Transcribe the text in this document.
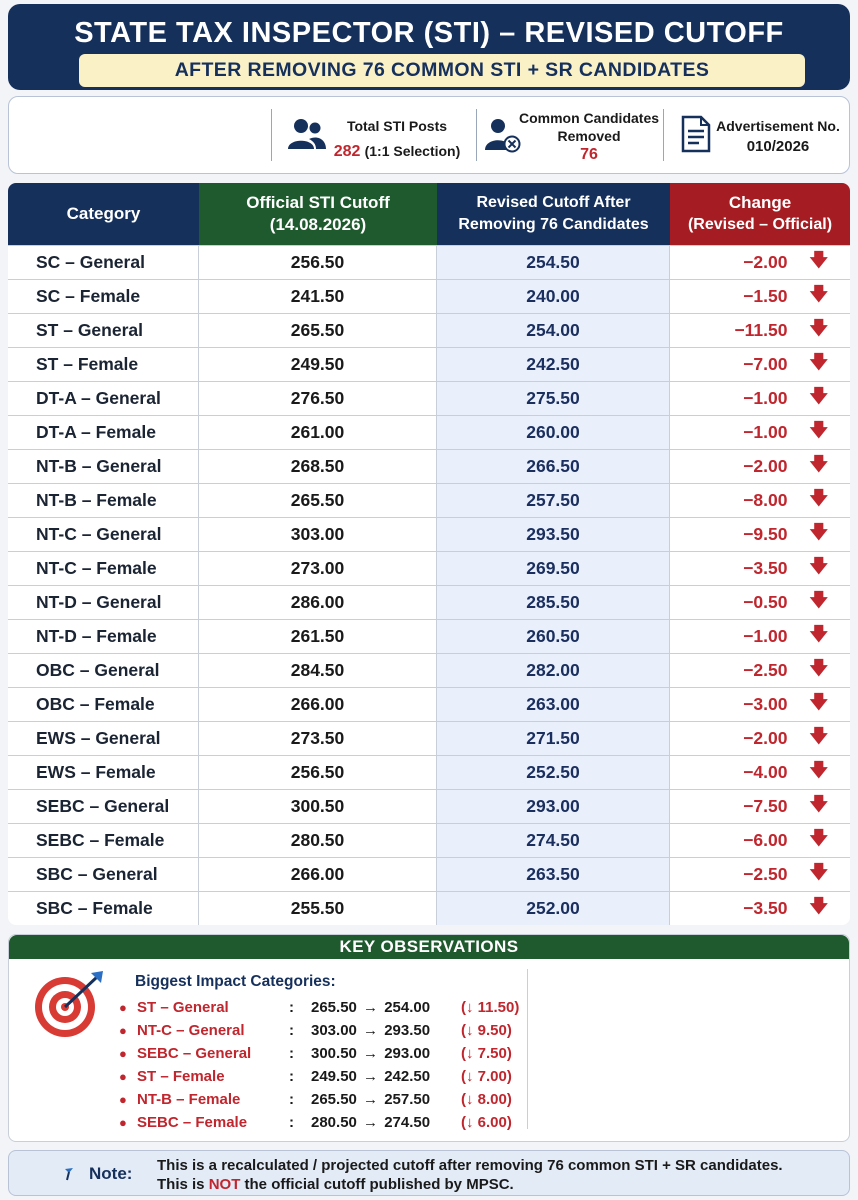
STATE TAX INSPECTOR (STI) – REVISED CUTOFF
AFTER REMOVING 76 COMMON STI + SR CANDIDATES
Total STI Posts
282 (1:1 Selection)
Common Candidates
Removed
76
Advertisement No.
010/2026
Category
Official STI Cutoff
(14.08.2026)
Revised Cutoff After
Removing 76 Candidates
Change
(Revised – Official)
SC – General	256.50	254.50	−2.00 🡇
SC – Female	241.50	240.00	−1.50 🡇
ST – General	265.50	254.00	−11.50 🡇
ST – Female	249.50	242.50	−7.00 🡇
DT-A – General	276.50	275.50	−1.00 🡇
DT-A – Female	261.00	260.00	−1.00 🡇
NT-B – General	268.50	266.50	−2.00 🡇
NT-B – Female	265.50	257.50	−8.00 🡇
NT-C – General	303.00	293.50	−9.50 🡇
NT-C – Female	273.00	269.50	−3.50 🡇
NT-D – General	286.00	285.50	−0.50 🡇
NT-D – Female	261.50	260.50	−1.00 🡇
OBC – General	284.50	282.00	−2.50 🡇
OBC – Female	266.00	263.00	−3.00 🡇
EWS – General	273.50	271.50	−2.00 🡇
EWS – Female	256.50	252.50	−4.00 🡇
SEBC – General	300.50	293.00	−7.50 🡇
SEBC – Female	280.50	274.50	−6.00 🡇
SBC – General	266.00	263.50	−2.50 🡇
SBC – Female	255.50	252.00	−3.50 🡇
KEY OBSERVATIONS
Biggest Impact Categories:
● ST – General	:	265.50 → 254.00	(↓ 11.50)
● NT-C – General	:	303.00 → 293.50	(↓ 9.50)
● SEBC – General	:	300.50 → 293.00	(↓ 7.50)
● ST – Female	:	249.50 → 242.50	(↓ 7.00)
● NT-B – Female	:	265.50 → 257.50	(↓ 8.00)
● SEBC – Female	:	280.50 → 274.50	(↓ 6.00)
Note: This is a recalculated / projected cutoff after removing 76 common STI + SR candidates.
This is NOT the official cutoff published by MPSC.
